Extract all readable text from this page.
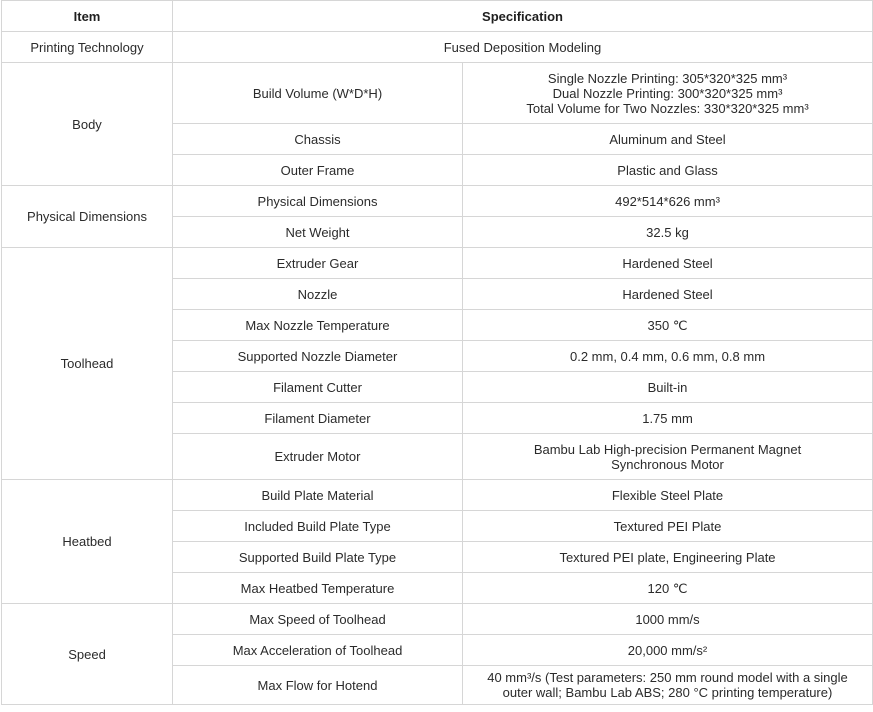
Item	Specification	
Printing Technology	Fused Deposition Modeling	
Body	Build Volume (W*D*H)	Single Nozzle Printing: 305*320*325 mm³
Dual Nozzle Printing: 300*320*325 mm³
Total Volume for Two Nozzles: 330*320*325 mm³

	Chassis	Aluminum and Steel
	Outer Frame	Plastic and Glass
Physical Dimensions	Physical Dimensions	492*514*626 mm³
	Net Weight	32.5 kg
Toolhead	Extruder Gear	Hardened Steel
	Nozzle	Hardened Steel
	Max Nozzle Temperature	350 ℃
	Supported Nozzle Diameter	0.2 mm, 0.4 mm, 0.6 mm, 0.8 mm
	Filament Cutter	Built-in
	Filament Diameter	1.75 mm
	Extruder Motor	Bambu Lab High-precision Permanent Magnet
Synchronous Motor

Heatbed	Build Plate Material	Flexible Steel Plate
	Included Build Plate Type	Textured PEI Plate
	Supported Build Plate Type	Textured PEI plate, Engineering Plate
	Max Heatbed Temperature	120 ℃
Speed	Max Speed of Toolhead	1000 mm/s
	Max Acceleration of Toolhead	20,000 mm/s²
	Max Flow for Hotend	40 mm³/s (Test parameters: 250 mm round model with a single
outer wall; Bambu Lab ABS; 280 °C printing temperature)
